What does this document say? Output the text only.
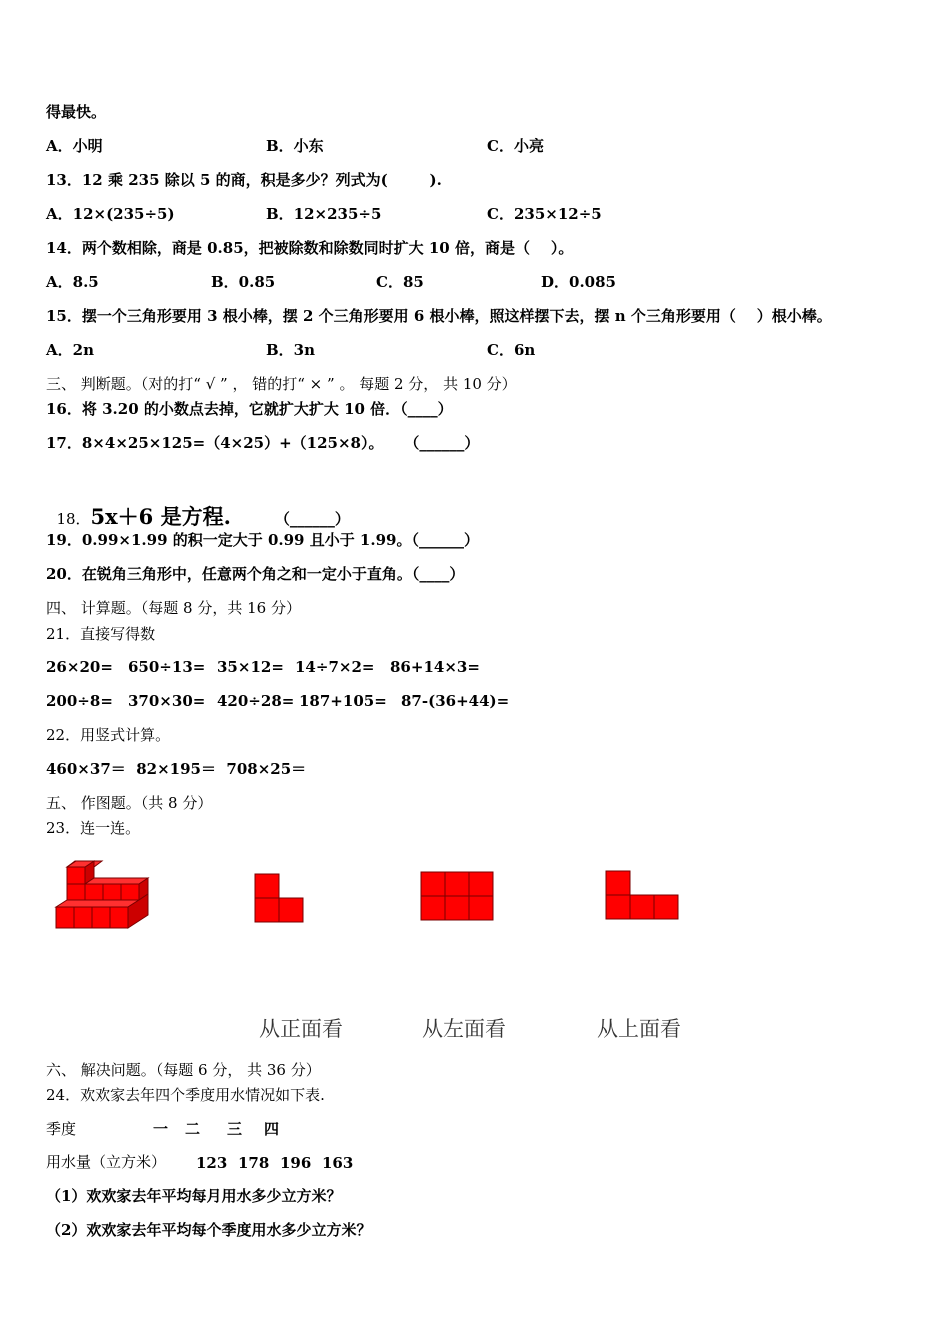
得最快。
A．小明	B．小东	C．小亮
13．12 乘 235 除以 5 的商，积是多少？列式为(        ).
A．12×(235÷5)	B．12×235÷5	C．235×12÷5
14．两个数相除，商是 0.85，把被除数和除数同时扩大 10 倍，商是（    ）。
A．8.5	B．0.85	C．85	D．0.085
15．摆一个三角形要用 3 根小棒，摆 2 个三角形要用 6 根小棒，照这样摆下去，摆 n 个三角形要用（    ）根小棒。
A．2n	B．3n	C．6n
三、 判断题。（对的打“ √ ” ， 错的打“ × ” 。 每题 2 分， 共 10 分）
16．将 3.20 的小数点去掉，它就扩大扩大 10 倍．（____）
17．8×4×25×125=（4×25）+（125×8）。    （______）

18．5x＋6 是方程.	（______）

19．0.99×1.99 的积一定大于 0.99 且小于 1.99。（______）
20．在锐角三角形中，任意两个角之和一定小于直角。（____）
四、 计算题。（每题 8 分，共 16 分）
21．直接写得数
26×20= 650÷13= 35×12= 14÷7×2= 86+14×3=
200÷8= 370×30= 420÷28= 187+105= 87-(36+44)=
22．用竖式计算。
460×37＝  82×195＝  708×25＝
五、 作图题。（共 8 分）
23．连一连。
从正面看	从左面看	从上面看
六、 解决问题。（每题 6 分， 共 36 分）
24．欢欢家去年四个季度用水情况如下表.
季度	一 二 三 四
用水量（立方米） 123 178 196 163
（1）欢欢家去年平均每月用水多少立方米？
（2）欢欢家去年平均每个季度用水多少立方米？
